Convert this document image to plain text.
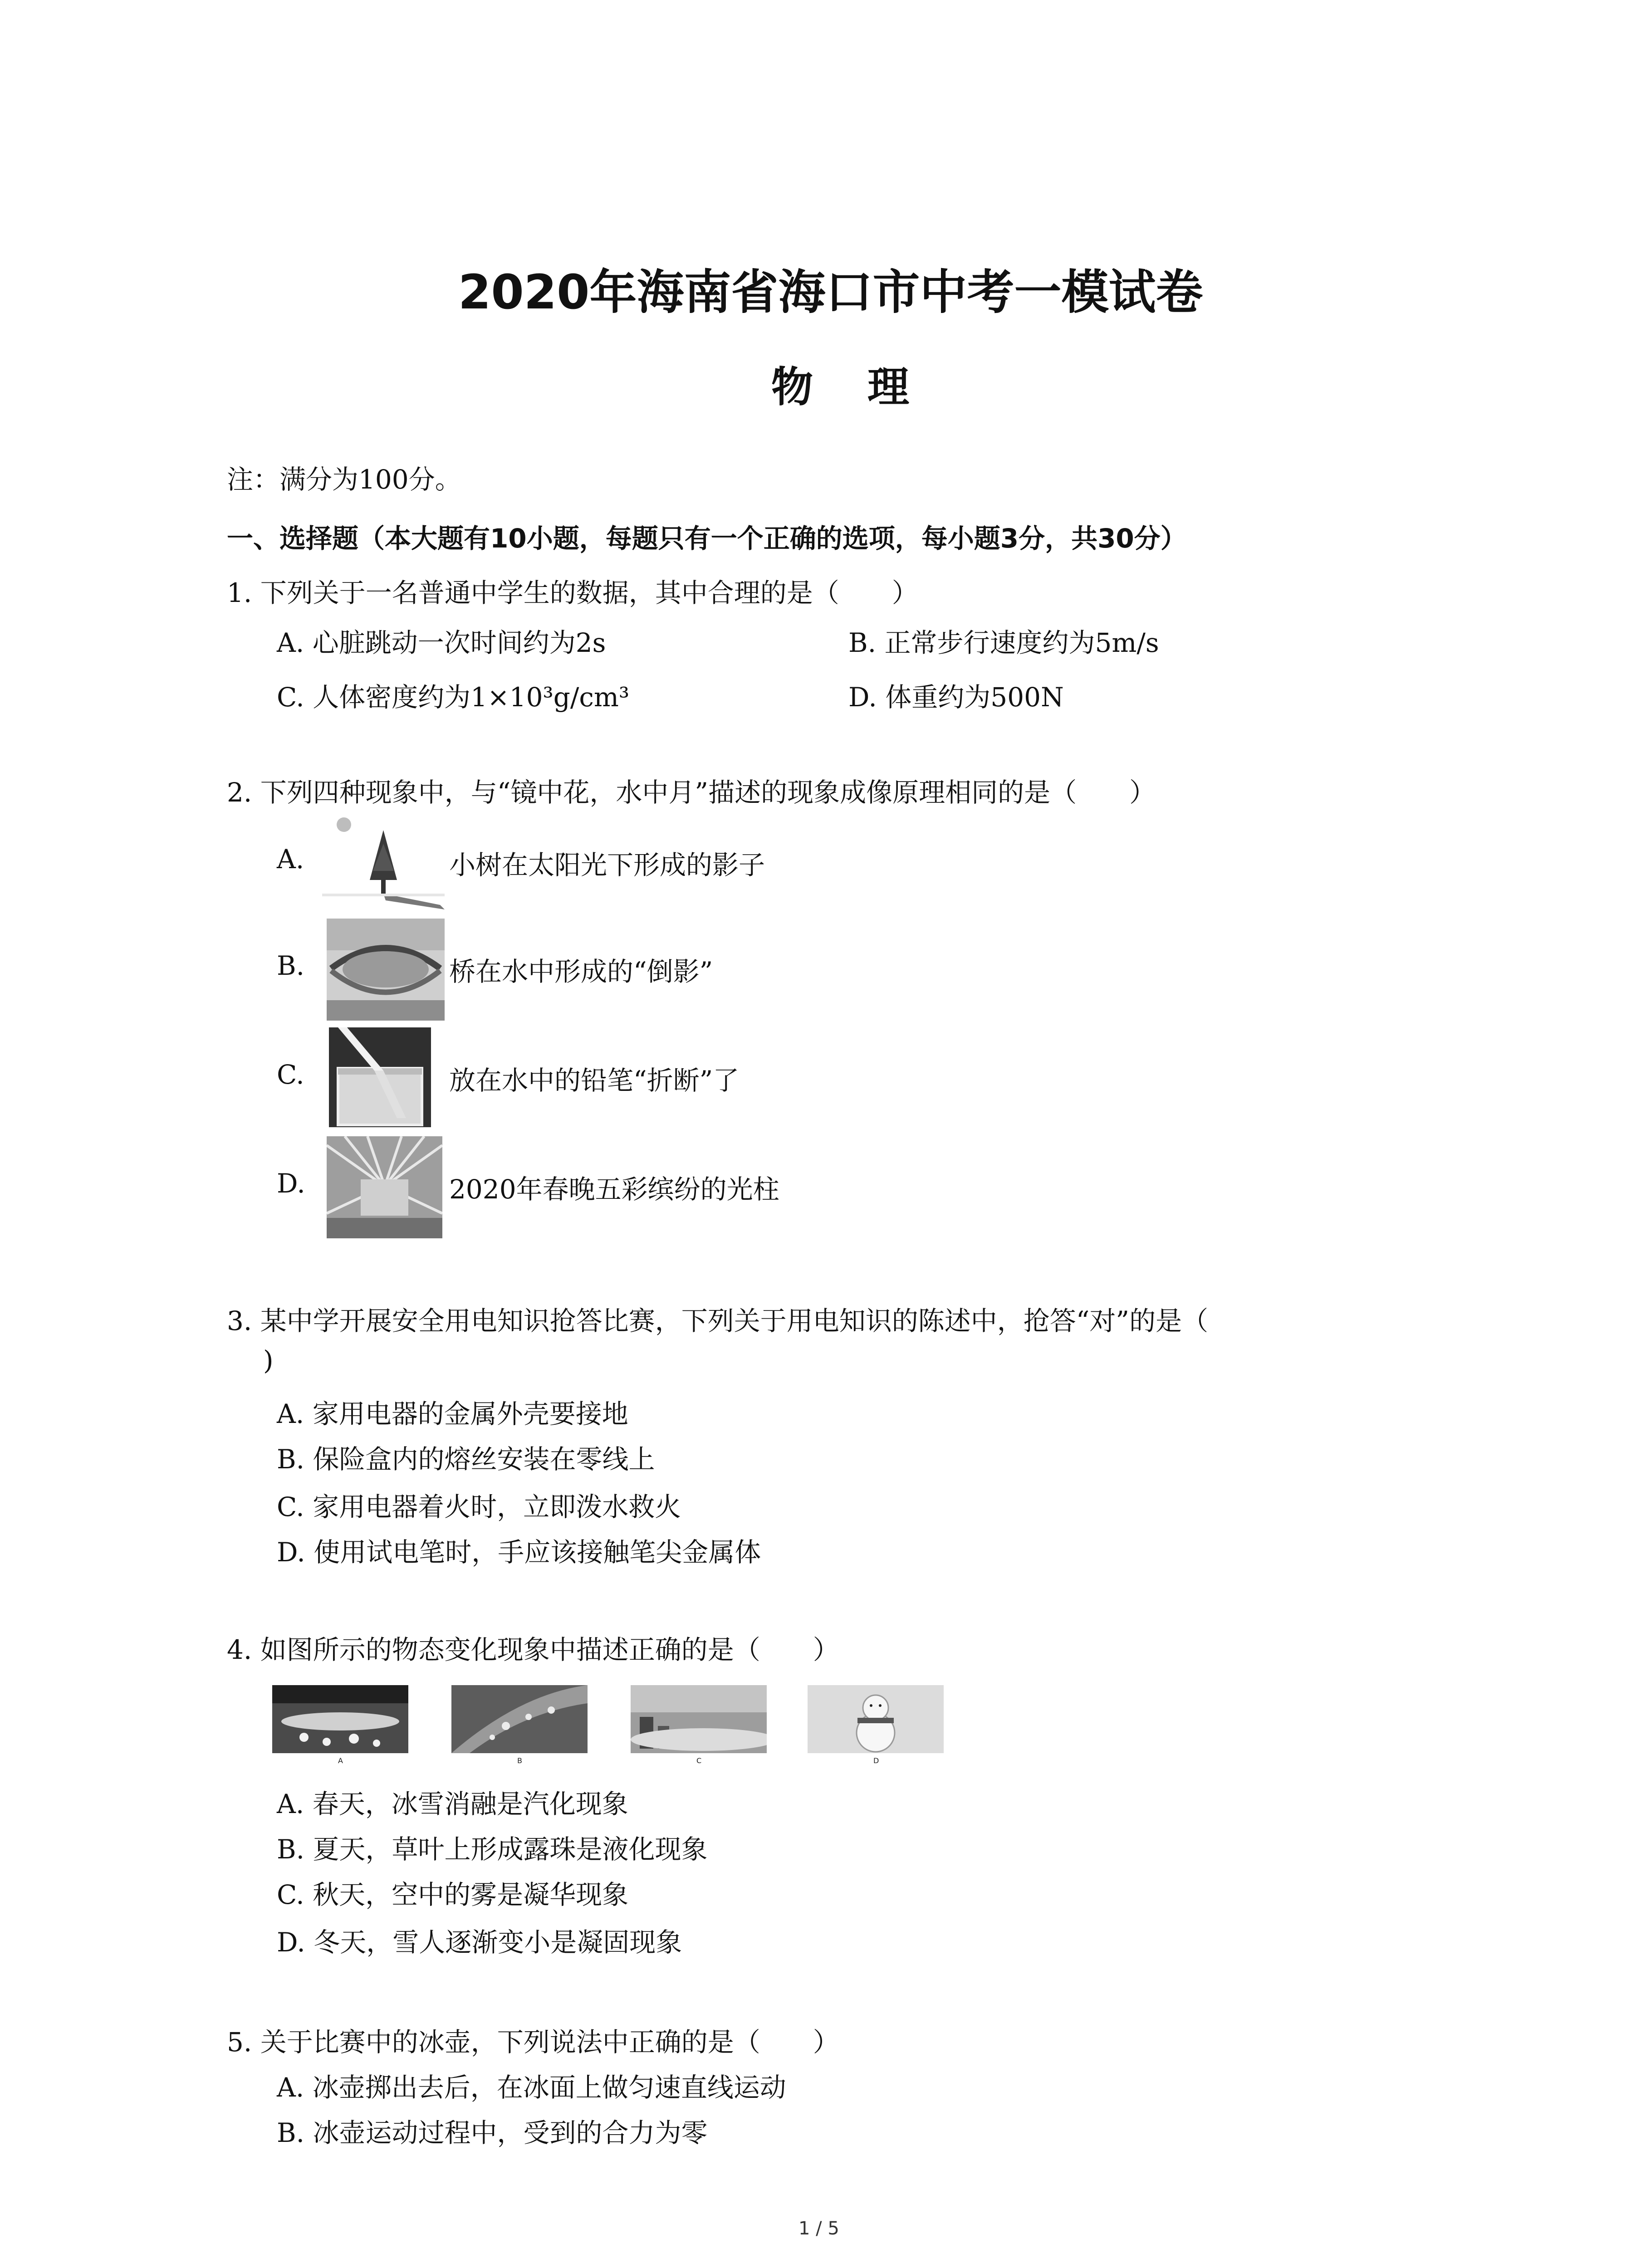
2020年海南省海口市中考一模试卷
物理
注：满分为100分。
一、选择题（本大题有10小题，每题只有一个正确的选项，每小题3分，共30分）
1. 下列关于一名普通中学生的数据，其中合理的是（　　）
A. 心脏跳动一次时间约为2s	B. 正常步行速度约为5m/s
C. 人体密度约为1×10³g/cm³	D. 体重约为500N
2. 下列四种现象中，与“镜中花，水中月”描述的现象成像原理相同的是（　　）
A.	小树在太阳光下形成的影子
B.	桥在水中形成的“倒影”
C.	放在水中的铅笔“折断”了
D.	2020年春晚五彩缤纷的光柱
3. 某中学开展安全用电知识抢答比赛，下列关于用电知识的陈述中，抢答“对”的是（
)
A. 家用电器的金属外壳要接地
B. 保险盒内的熔丝安装在零线上
C. 家用电器着火时，立即泼水救火
D. 使用试电笔时，手应该接触笔尖金属体
4. 如图所示的物态变化现象中描述正确的是（　　）
A	B	C	D
A. 春天，冰雪消融是汽化现象
B. 夏天，草叶上形成露珠是液化现象
C. 秋天，空中的雾是凝华现象
D. 冬天，雪人逐渐变小是凝固现象
5. 关于比赛中的冰壶，下列说法中正确的是（　　）
A. 冰壶掷出去后，在冰面上做匀速直线运动
B. 冰壶运动过程中，受到的合力为零
1 / 5
